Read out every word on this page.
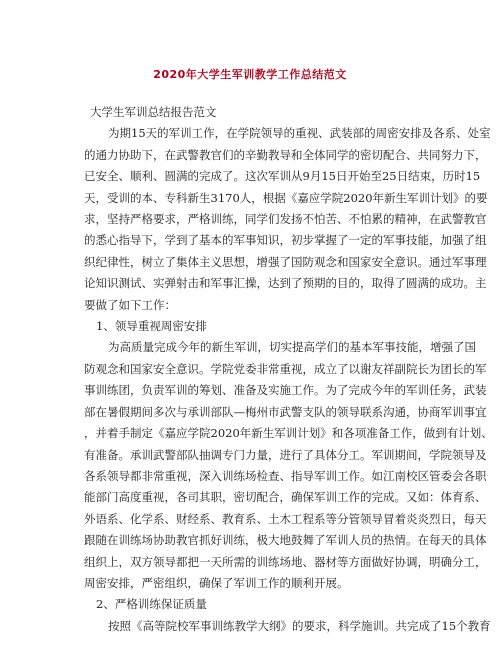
2020年大学生军训教学工作总结范文

大学生军训总结报告范文

为期15天的军训工作，在学院领导的重视、武装部的周密安排及各系、处室

的通力协助下，在武警教官们的辛勤教导和全体同学的密切配合、共同努力下，

已安全、顺利、圆满的完成了。这次军训从9月15日开始至25日结束，历时15

天，受训的本、专科新生3170人，根据《嘉应学院2020年新生军训计划》的要

求，坚持严格要求，严格训练，同学们发扬不怕苦、不怕累的精神，在武警教官

的悉心指导下，学到了基本的军事知识，初步掌握了一定的军事技能，加强了组

织纪律性，树立了集体主义思想，增强了国防观念和国家安全意识。通过军事理

论知识测试、实弹射击和军事汇操，达到了预期的目的，取得了圆满的成功。主

要做了如下工作：

1、领导重视周密安排

为高质量完成今年的新生军训，切实提高学们的基本军事技能，增强了国

防观念和国家安全意识。学院党委非常重视，成立了以谢友祥副院长为团长的军

事训练团，负责军训的筹划、准备及实施工作。为了完成今年的军训任务，武装

部在暑假期间多次与承训部队—梅州市武警支队的领导联系沟通，协商军训事宜

，并着手制定《嘉应学院2020年新生军训计划》和各项准备工作，做到有计划、

有准备。承训武警部队抽调专门力量，进行了具体分工。军训期间，学院领导及

各系领导都非常重视，深入训练场检查、指导军训工作。如江南校区管委会各职

能部门高度重视，各司其职，密切配合，确保军训工作的完成。又如：体育系、

外语系、化学系、财经系、教育系、土木工程系等分管领导冒着炎炎烈日，每天

跟随在训练场协助教官抓好训练，极大地鼓舞了军训人员的热情。在每天的具体

组织上，双方领导都把一天所需的训练场地、器材等方面做好协调，明确分工，

周密安排，严密组织，确保了军训工作的顺利开展。

2、严格训练保证质量

按照《高等院校军事训练教学大纲》的要求，科学施训。共完成了15个教育
